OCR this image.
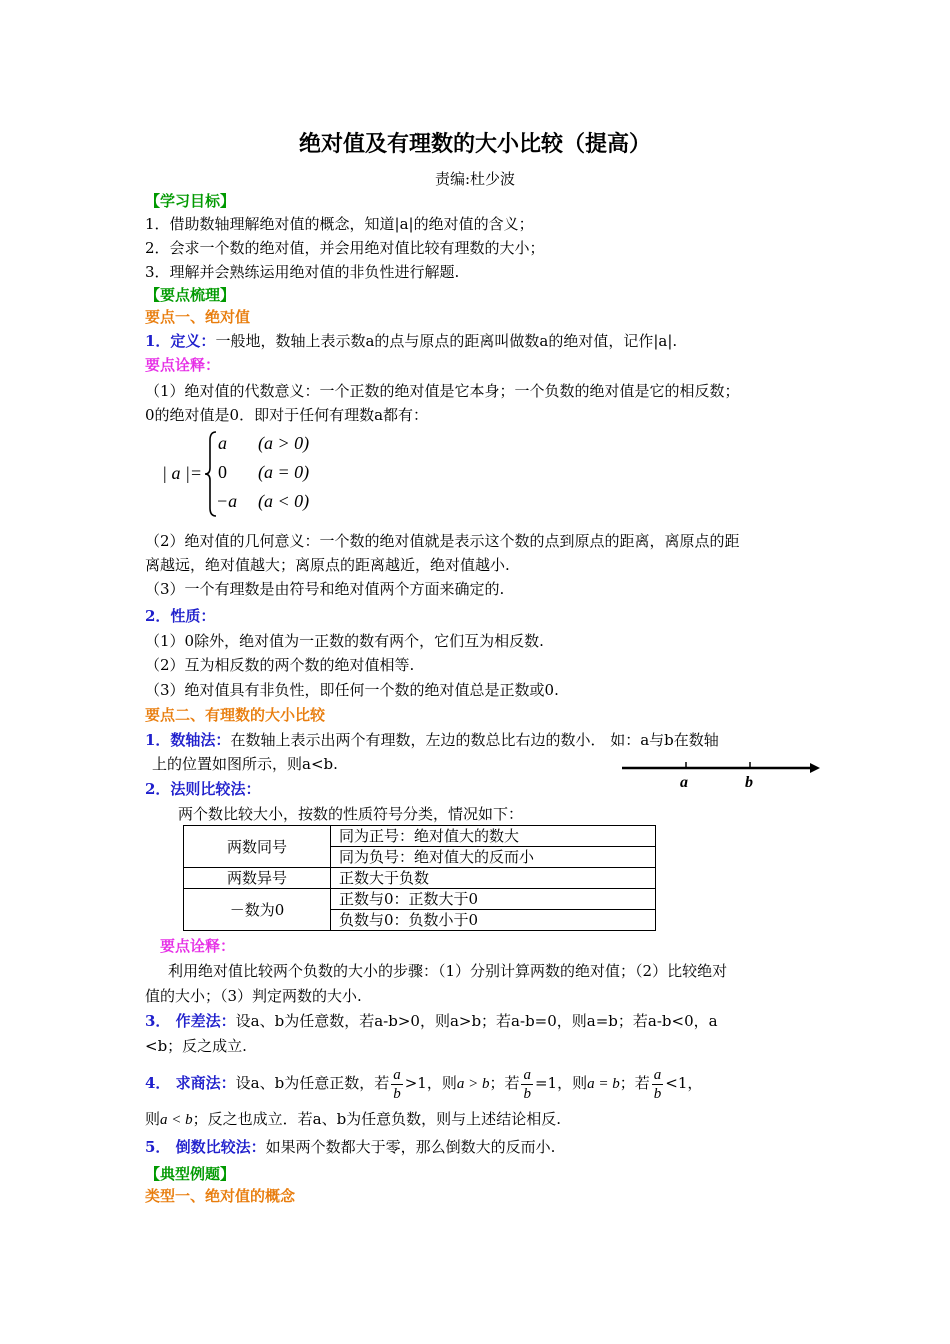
绝对值及有理数的大小比较（提高）
责编:杜少波
【学习目标】
1．借助数轴理解绝对值的概念，知道|a|的绝对值的含义；
2．会求一个数的绝对值，并会用绝对值比较有理数的大小；
3．理解并会熟练运用绝对值的非负性进行解题.
【要点梳理】
要点一、绝对值
1．定义：一般地，数轴上表示数a的点与原点的距离叫做数a的绝对值，记作|a|.
要点诠释：
（1）绝对值的代数意义：一个正数的绝对值是它本身；一个负数的绝对值是它的相反数；
0的绝对值是0．即对于任何有理数a都有：
| a |=
a (a > 0)
0 (a = 0)
−a (a < 0)
（2）绝对值的几何意义：一个数的绝对值就是表示这个数的点到原点的距离，离原点的距
离越远，绝对值越大；离原点的距离越近，绝对值越小.
（3）一个有理数是由符号和绝对值两个方面来确定的.
2．性质：
（1）0除外，绝对值为一正数的数有两个，它们互为相反数.
（2）互为相反数的两个数的绝对值相等.
（3）绝对值具有非负性，即任何一个数的绝对值总是正数或0.
要点二、有理数的大小比较
1．数轴法：在数轴上表示出两个有理数，左边的数总比右边的数小． 如：a与b在数轴
上的位置如图所示，则a<b.
a	b
2．法则比较法：
两个数比较大小，按数的性质符号分类，情况如下：
两数同号	同为正号：绝对值大的数大
	同为负号：绝对值大的反而小
两数异号	正数大于负数
－数为0	正数与0：正数大于0
	负数与0：负数小于0
要点诠释：
利用绝对值比较两个负数的大小的步骤：（1）分别计算两数的绝对值；（2）比较绝对
值的大小；（3）判定两数的大小.
3． 作差法：设a、b为任意数，若a-b>0，则a>b；若a-b=0，则a=b；若a-b<0，a
<b；反之成立.
4． 求商法：设a、b为任意正数，若 $\frac{a}{b} >1$，则a > b；若 $\frac{a}{b} =1$，则a = b；若 $\frac{a}{b} <1$，
则a < b；反之也成立．若a、b为任意负数，则与上述结论相反.
5． 倒数比较法：如果两个数都大于零，那么倒数大的反而小.
【典型例题】
类型一、绝对值的概念
